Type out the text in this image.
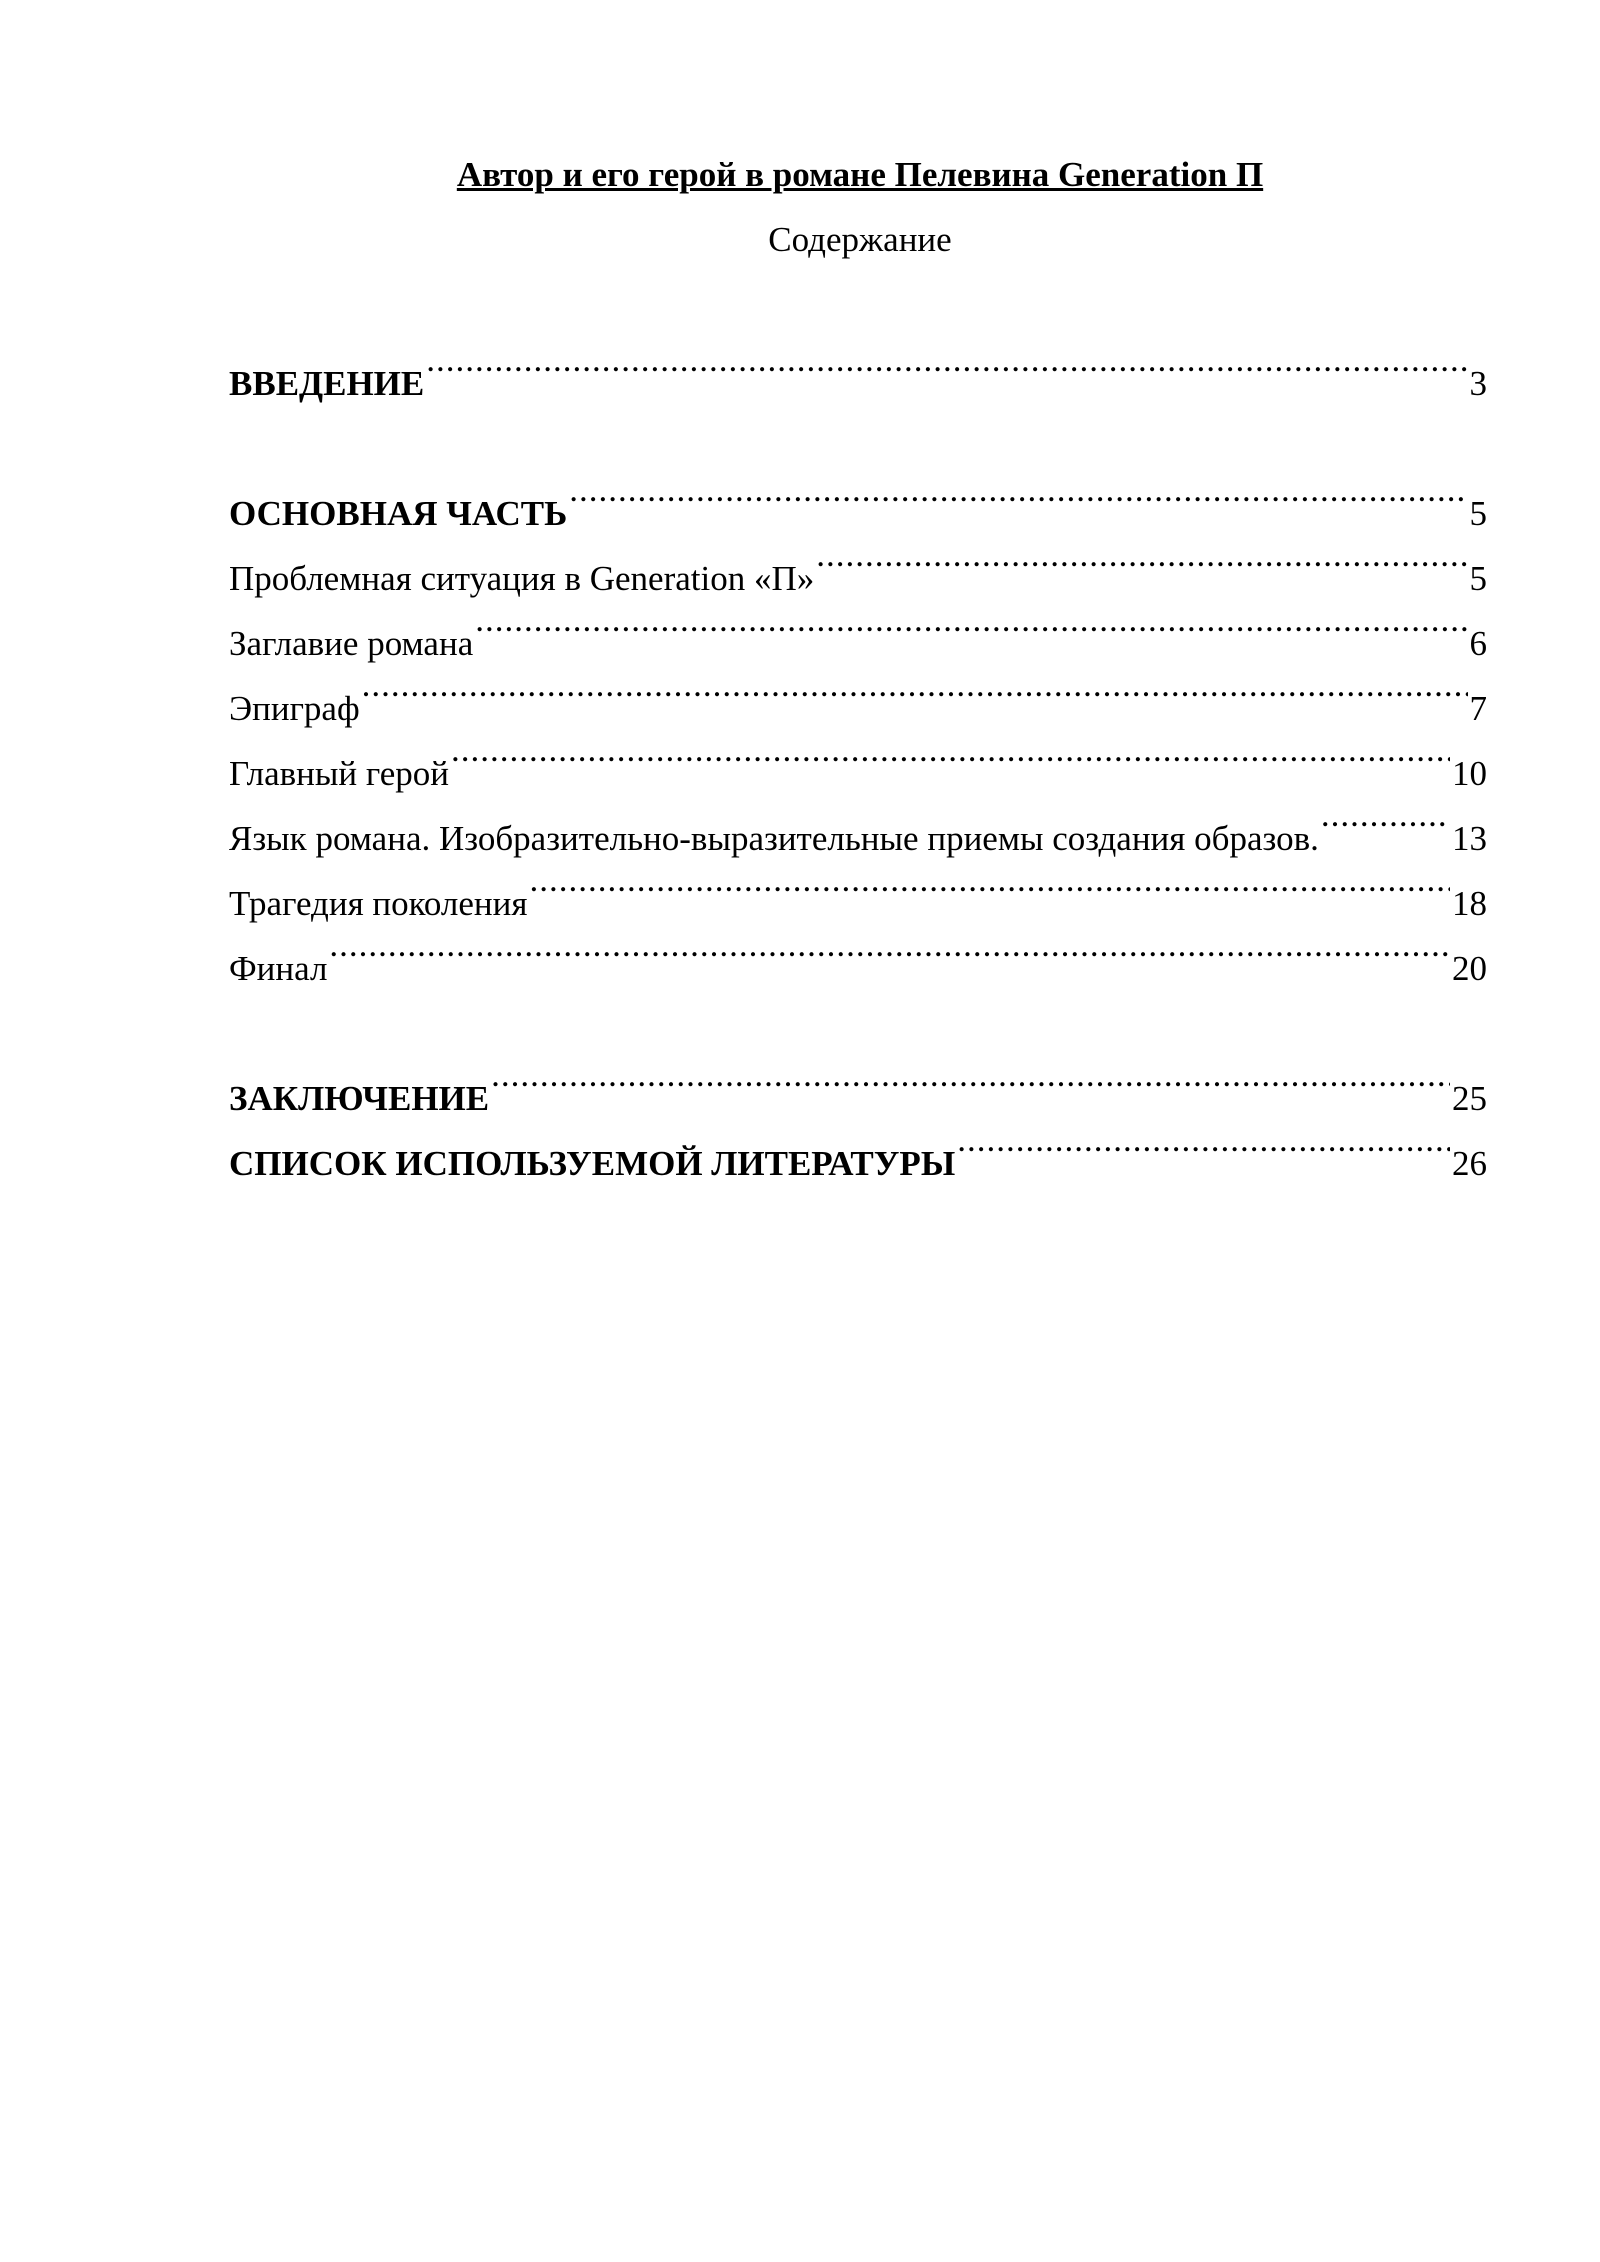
Автор и его герой в романе Пелевина Generation П
Содержание
ВВЕДЕНИЕ .....	3
ОСНОВНАЯ ЧАСТЬ .....	5
Проблемная ситуация в Generation «П» .....	5
Заглавие романа .....	6
Эпиграф .....	7
Главный герой .....	10
Язык романа. Изобразительно-выразительные приемы создания образов. .....	13
Трагедия поколения .....	18
Финал .....	20
ЗАКЛЮЧЕНИЕ .....	25
СПИСОК ИСПОЛЬЗУЕМОЙ ЛИТЕРАТУРЫ .....	26
